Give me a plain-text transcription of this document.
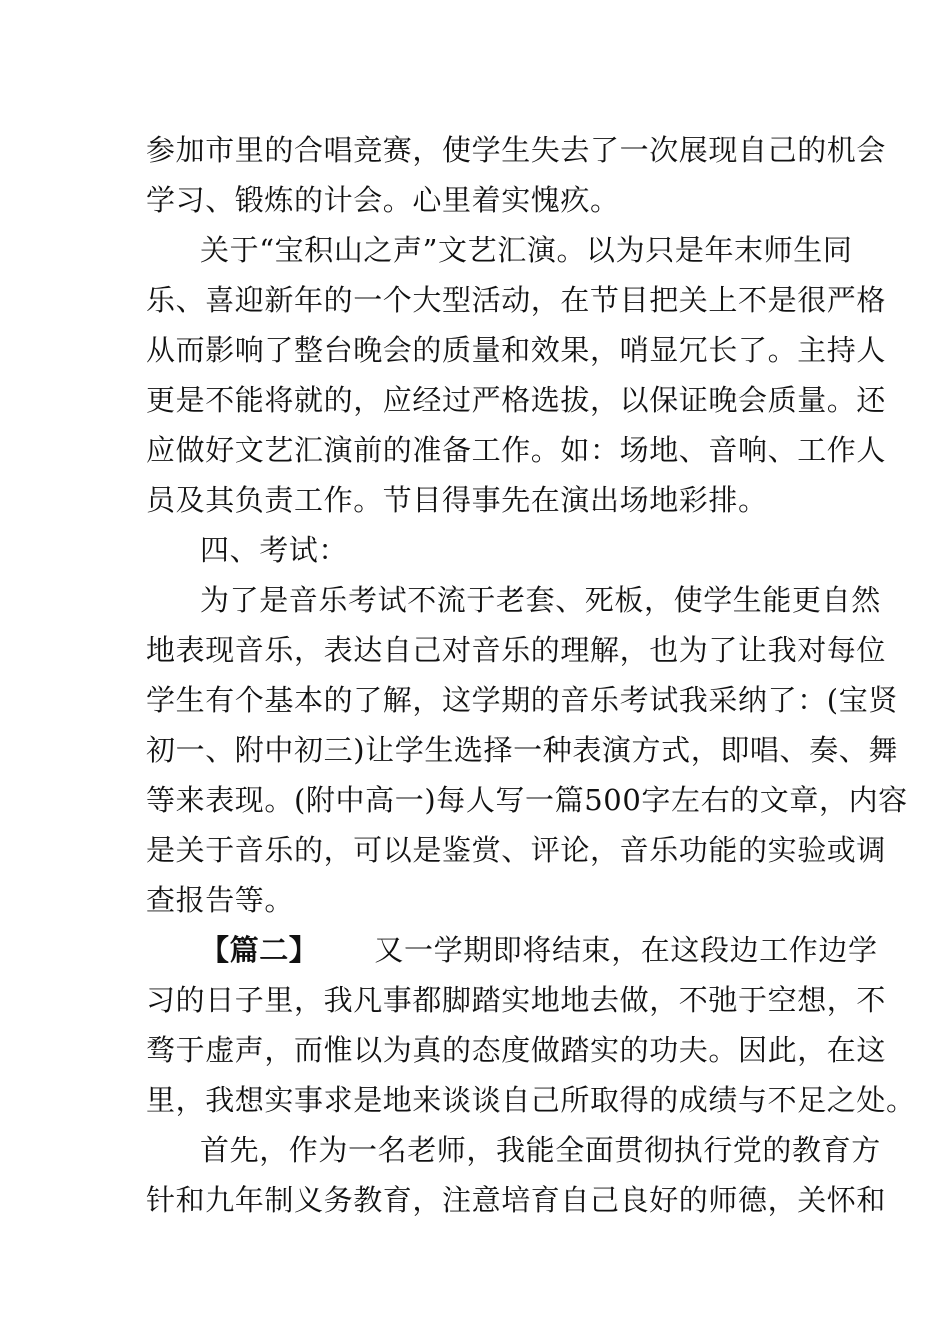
参加市里的合唱竞赛，使学生失去了一次展现自己的机会

学习、锻炼的计会。心里着实愧疚。

关于“宝积山之声”文艺汇演。以为只是年末师生同

乐、喜迎新年的一个大型活动，在节目把关上不是很严格

从而影响了整台晚会的质量和效果，哨显冗长了。主持人

更是不能将就的，应经过严格选拔，以保证晚会质量。还

应做好文艺汇演前的准备工作。如：场地、音响、工作人

员及其负责工作。节目得事先在演出场地彩排。

四、考试：

为了是音乐考试不流于老套、死板，使学生能更自然

地表现音乐，表达自己对音乐的理解，也为了让我对每位

学生有个基本的了解，这学期的音乐考试我采纳了：(宝贤

初一、附中初三)让学生选择一种表演方式，即唱、奏、舞

等来表现。(附中高一)每人写一篇500字左右的文章，内容

是关于音乐的，可以是鉴赏、评论，音乐功能的实验或调

查报告等。

【篇二】 又一学期即将结束，在这段边工作边学

习的日子里，我凡事都脚踏实地地去做，不弛于空想，不

骛于虚声，而惟以为真的态度做踏实的功夫。因此，在这

里，我想实事求是地来谈谈自己所取得的成绩与不足之处。

首先，作为一名老师，我能全面贯彻执行党的教育方

针和九年制义务教育，注意培育自己良好的师德，关怀和
